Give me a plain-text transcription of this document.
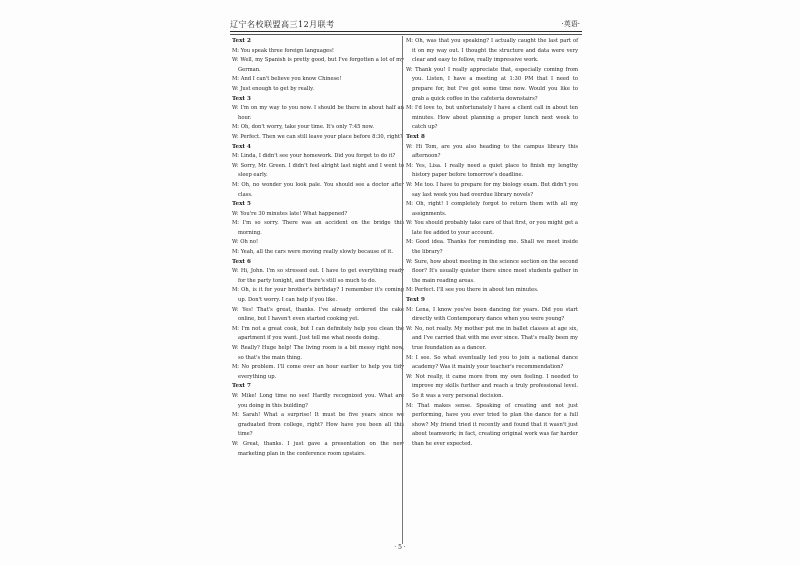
辽宁名校联盟高三12月联考	·英语·
Text 2
M: You speak three foreign languages!
W: Well, my Spanish is pretty good, but I've forgotten a lot of my German.
M: And I can't believe you know Chinese!
W: Just enough to get by really.
Text 3
W: I'm on my way to you now. I should be there in about half an hour.
M: Oh, don't worry, take your time. It's only 7:45 now.
W: Perfect. Then we can still leave your place before 8:30, right?
Text 4
M: Linda, I didn't see your homework. Did you forget to do it?
W: Sorry, Mr. Green. I didn't feel alright last night and I went to sleep early.
M: Oh, no wonder you look pale. You should see a doctor after class.
Text 5
W: You're 30 minutes late! What happened?
M: I'm so sorry. There was an accident on the bridge this morning.
W: Oh no!
M: Yeah, all the cars were moving really slowly because of it.
Text 6
W: Hi, John. I'm so stressed out. I have to get everything ready for the party tonight, and there's still so much to do.
M: Oh, is it for your brother's birthday? I remember it's coming up. Don't worry. I can help if you like.
W: Yes! That's great, thanks. I've already ordered the cake online, but I haven't even started cooking yet.
M: I'm not a great cook, but I can definitely help you clean the apartment if you want. Just tell me what needs doing.
W: Really? Huge help! The living room is a bit messy right now, so that's the main thing.
M: No problem. I'll come over an hour earlier to help you tidy everything up.
Text 7
W: Mike! Long time no see! Hardly recognized you. What are you doing in this building?
M: Sarah! What a surprise! It must be five years since we graduated from college, right? How have you been all this time?
W: Great, thanks. I just gave a presentation on the new marketing plan in the conference room upstairs.
M: Oh, was that you speaking? I actually caught the last part of it on my way out. I thought the structure and data were very clear and easy to follow, really impressive work.
W: Thank you! I really appreciate that, especially coming from you. Listen, I have a meeting at 1:30 PM that I need to prepare for, but I've got some time now. Would you like to grab a quick coffee in the cafeteria downstairs?
M: I'd love to, but unfortunately I have a client call in about ten minutes. How about planning a proper lunch next week to catch up?
Text 8
W: Hi Tom, are you also heading to the campus library this afternoon?
M: Yes, Lisa. I really need a quiet place to finish my lengthy history paper before tomorrow's deadline.
W: Me too. I have to prepare for my biology exam. But didn't you say last week you had overdue library novels?
M: Oh, right! I completely forgot to return them with all my assignments.
W: You should probably take care of that first, or you might get a late fee added to your account.
M: Good idea. Thanks for reminding me. Shall we meet inside the library?
W: Sure, how about meeting in the science section on the second floor? It's usually quieter there since most students gather in the main reading areas.
M: Perfect. I'll see you there in about ten minutes.
Text 9
M: Lena, I know you've been dancing for years. Did you start directly with Contemporary dance when you were young?
W: No, not really. My mother put me in ballet classes at age six, and I've carried that with me ever since. That's really been my true foundation as a dancer.
M: I see. So what eventually led you to join a national dance academy? Was it mainly your teacher's recommendation?
W: Not really, it came more from my own feeling. I needed to improve my skills further and reach a truly professional level. So it was a very personal decision.
M: That makes sense. Speaking of creating and not just performing, have you ever tried to plan the dance for a full show? My friend tried it recently and found that it wasn't just about teamwork; in fact, creating original work was far harder than he ever expected.
· 5 ·
